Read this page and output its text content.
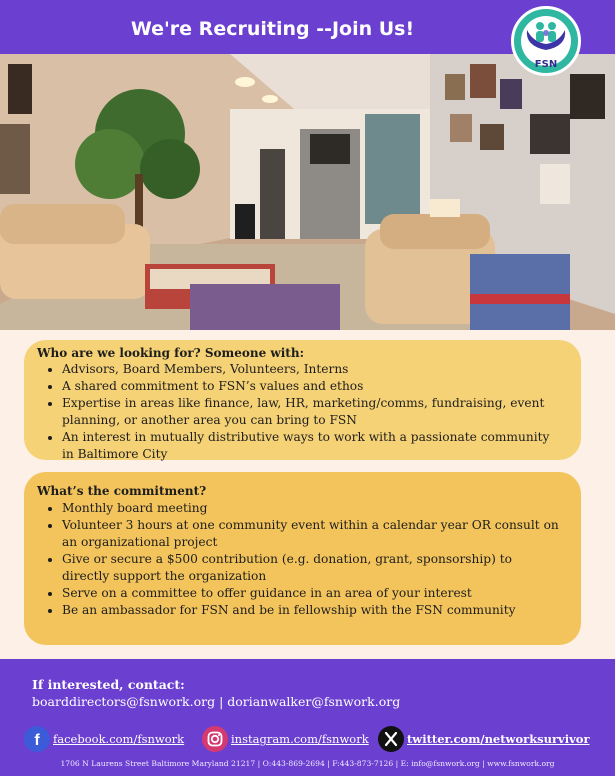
We're Recruiting --Join Us!
FSN
Who are we looking for? Someone with:
• Advisors, Board Members, Volunteers, Interns
• A shared commitment to FSN’s values and ethos
• Expertise in areas like finance, law, HR, marketing/comms, fundraising, event planning, or another area you can bring to FSN
• An interest in mutually distributive ways to work with a passionate community in Baltimore City
What’s the commitment?
• Monthly board meeting
• Volunteer 3 hours at one community event within a calendar year OR consult on an organizational project
• Give or secure a $500 contribution (e.g. donation, grant, sponsorship) to directly support the organization
• Serve on a committee to offer guidance in an area of your interest
• Be an ambassador for FSN and be in fellowship with the FSN community
If interested, contact:
boarddirectors@fsnwork.org | dorianwalker@fsnwork.org
f facebook.com/fsnwork	instagram.com/fsnwork	twitter.com/networksurvivor
1706 N Laurens Street Baltimore Maryland 21217 | O:443-869-2694 | F:443-873-7126 | E: info@fsnwork.org | www.fsnwork.org
